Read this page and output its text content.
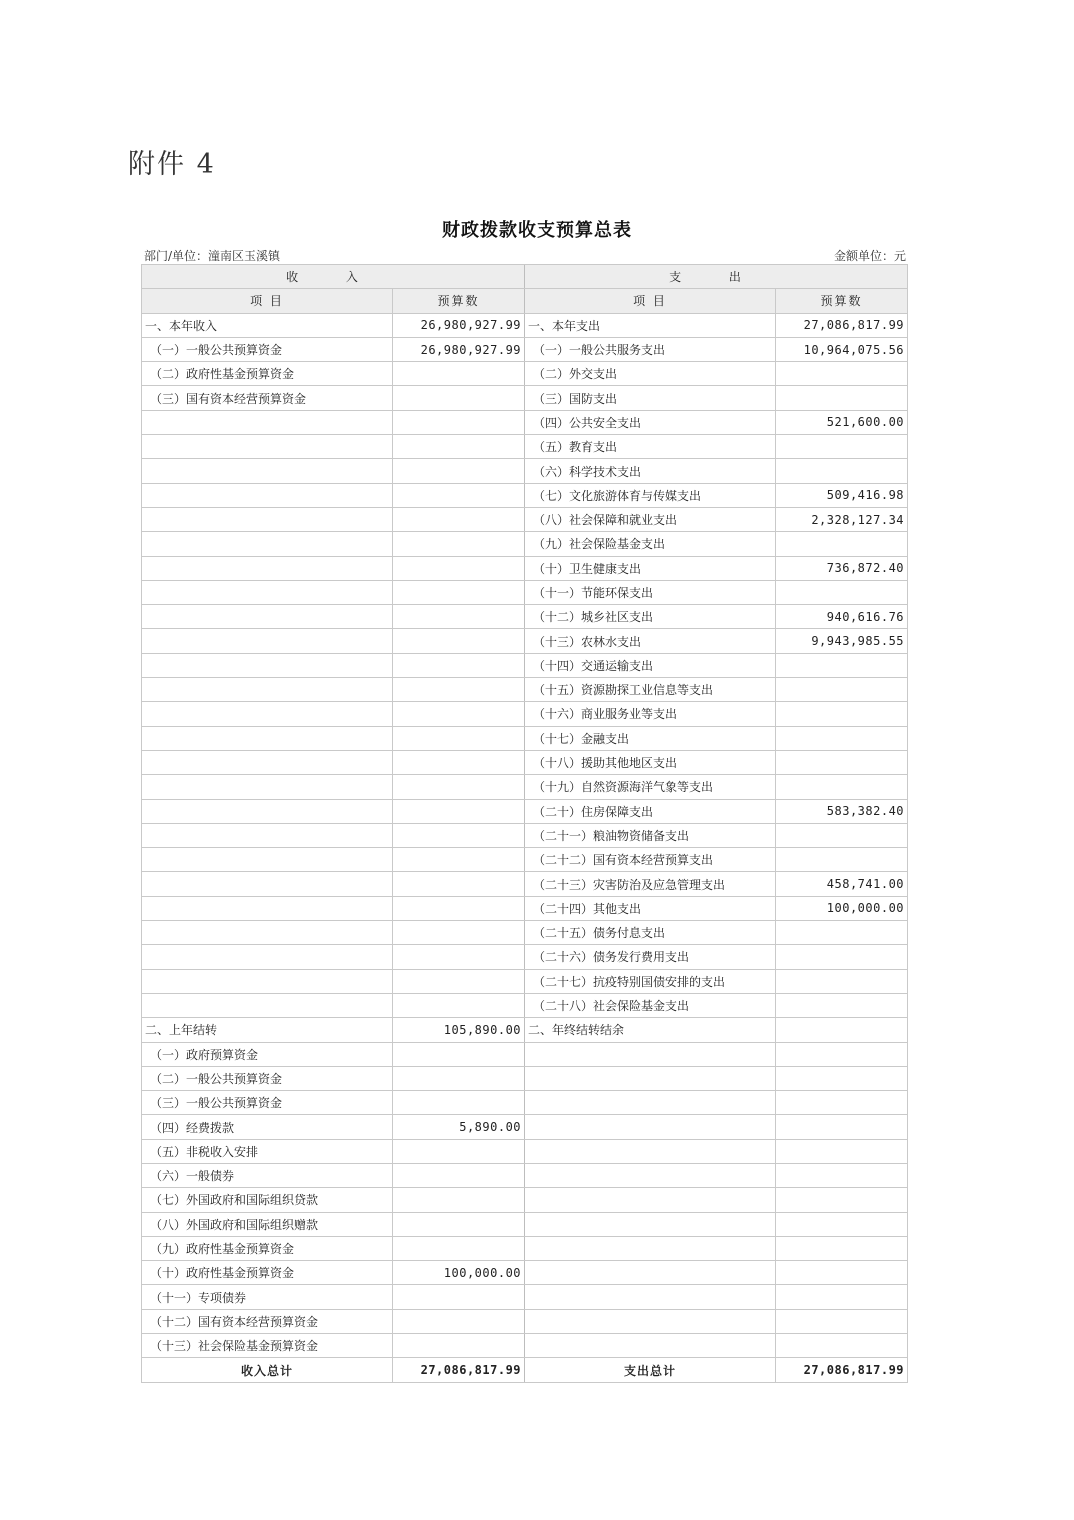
附件 4
财政拨款收支预算总表
部门/单位：潼南区玉溪镇	金额单位：元
收 入		支 出	
项 目	预算数	项 目	预算数
一、本年收入	26,980,927.99	一、本年支出	27,086,817.99
（一）一般公共预算资金	26,980,927.99	（一）一般公共服务支出	10,964,075.56
（二）政府性基金预算资金		（二）外交支出	
（三）国有资本经营预算资金		（三）国防支出	
		（四）公共安全支出	521,600.00
		（五）教育支出	
		（六）科学技术支出	
		（七）文化旅游体育与传媒支出	509,416.98
		（八）社会保障和就业支出	2,328,127.34
		（九）社会保险基金支出	
		（十）卫生健康支出	736,872.40
		（十一）节能环保支出	
		（十二）城乡社区支出	940,616.76
		（十三）农林水支出	9,943,985.55
		（十四）交通运输支出	
		（十五）资源勘探工业信息等支出	
		（十六）商业服务业等支出	
		（十七）金融支出	
		（十八）援助其他地区支出	
		（十九）自然资源海洋气象等支出	
		（二十）住房保障支出	583,382.40
		（二十一）粮油物资储备支出	
		（二十二）国有资本经营预算支出	
		（二十三）灾害防治及应急管理支出	458,741.00
		（二十四）其他支出	100,000.00
		（二十五）债务付息支出	
		（二十六）债务发行费用支出	
		（二十七）抗疫特别国债安排的支出	
		（二十八）社会保险基金支出	
二、上年结转	105,890.00	二、年终结转结余	
（一）政府预算资金			
（二）一般公共预算资金			
（三）一般公共预算资金			
（四）经费拨款	5,890.00		
（五）非税收入安排			
（六）一般债券			
（七）外国政府和国际组织贷款			
（八）外国政府和国际组织赠款			
（九）政府性基金预算资金			
（十）政府性基金预算资金	100,000.00		
（十一）专项债券			
（十二）国有资本经营预算资金			
（十三）社会保险基金预算资金			
收入总计	27,086,817.99	支出总计	27,086,817.99
